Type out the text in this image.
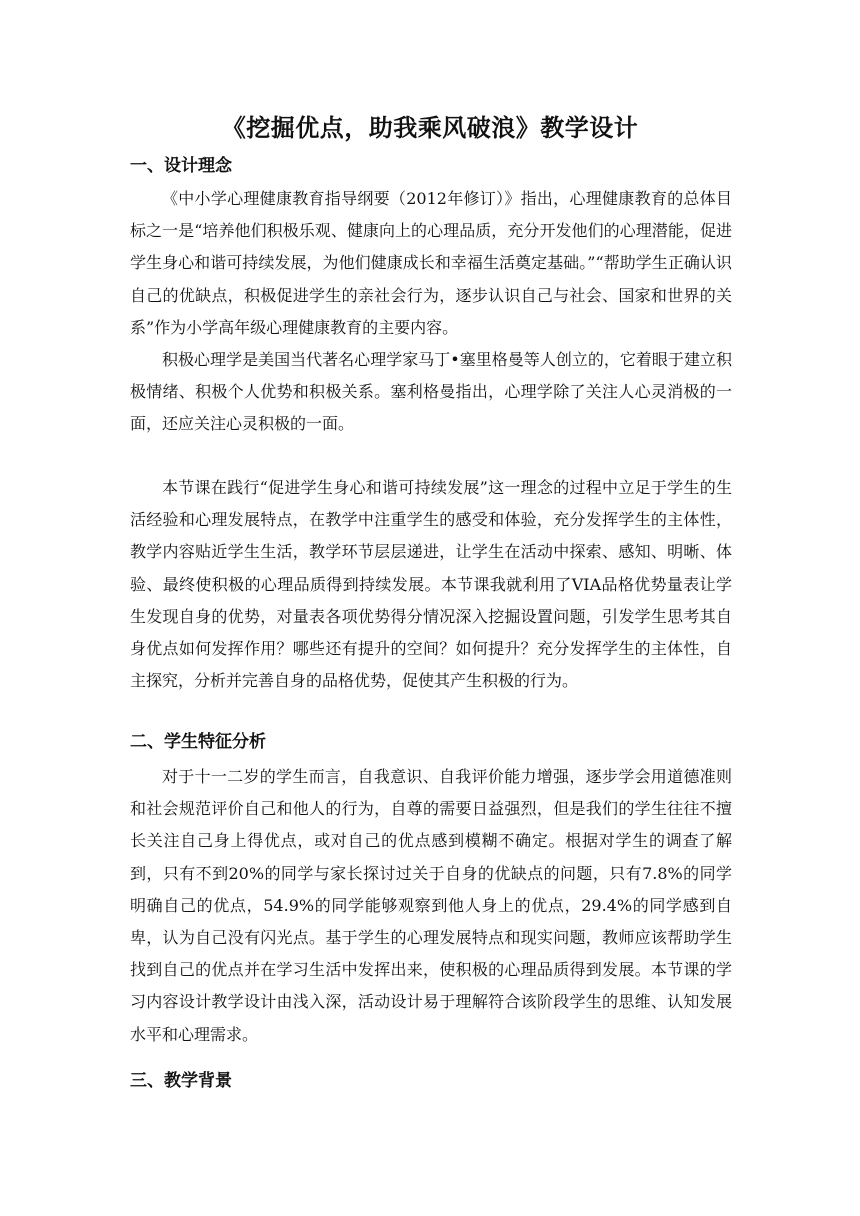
《挖掘优点，助我乘风破浪》教学设计
一、设计理念

《中小学心理健康教育指导纲要（2012年修订）》指出，心理健康教育的总体目标之一是“培养他们积极乐观、健康向上的心理品质，充分开发他们的心理潜能，促进学生身心和谐可持续发展，为他们健康成长和幸福生活奠定基础。”“帮助学生正确认识自己的优缺点，积极促进学生的亲社会行为，逐步认识自己与社会、国家和世界的关系”作为小学高年级心理健康教育的主要内容。

积极心理学是美国当代著名心理学家马丁•塞里格曼等人创立的，它着眼于建立积极情绪、积极个人优势和积极关系。塞利格曼指出，心理学除了关注人心灵消极的一面，还应关注心灵积极的一面。

本节课在践行“促进学生身心和谐可持续发展”这一理念的过程中立足于学生的生活经验和心理发展特点，在教学中注重学生的感受和体验，充分发挥学生的主体性，教学内容贴近学生生活，教学环节层层递进，让学生在活动中探索、感知、明晰、体验、最终使积极的心理品质得到持续发展。本节课我就利用了VIA品格优势量表让学生发现自身的优势，对量表各项优势得分情况深入挖掘设置问题，引发学生思考其自身优点如何发挥作用？哪些还有提升的空间？如何提升？充分发挥学生的主体性，自主探究，分析并完善自身的品格优势，促使其产生积极的行为。

二、学生特征分析

对于十一二岁的学生而言，自我意识、自我评价能力增强，逐步学会用道德准则和社会规范评价自己和他人的行为，自尊的需要日益强烈，但是我们的学生往往不擅长关注自己身上得优点，或对自己的优点感到模糊不确定。根据对学生的调查了解到，只有不到20%的同学与家长探讨过关于自身的优缺点的问题，只有7.8%的同学明确自己的优点，54.9%的同学能够观察到他人身上的优点，29.4%的同学感到自卑，认为自己没有闪光点。基于学生的心理发展特点和现实问题，教师应该帮助学生找到自己的优点并在学习生活中发挥出来，使积极的心理品质得到发展。本节课的学习内容设计教学设计由浅入深，活动设计易于理解符合该阶段学生的思维、认知发展水平和心理需求。

三、教学背景
